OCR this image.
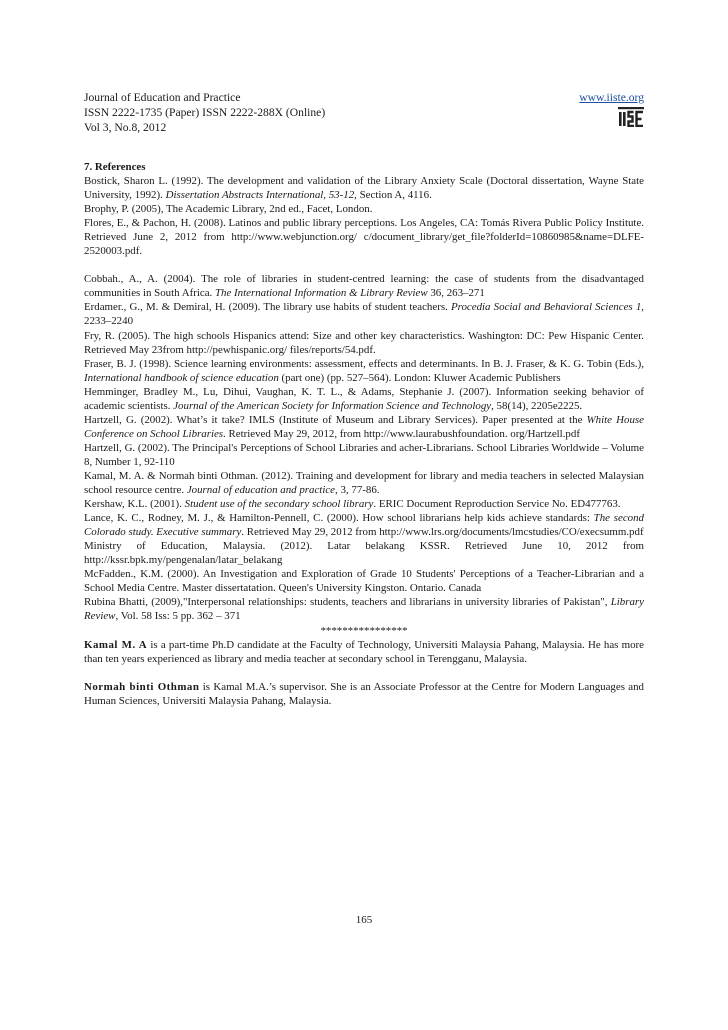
Journal of Education and Practice
ISSN 2222-1735 (Paper) ISSN 2222-288X (Online)
Vol 3, No.8, 2012
www.iiste.org

7. References

Bostick, Sharon L. (1992). The development and validation of the Library Anxiety Scale (Doctoral dissertation, Wayne State University, 1992). Dissertation Abstracts International, 53-12, Section A, 4116.

Brophy, P. (2005), The Academic Library, 2nd ed., Facet, London.

Flores, E., & Pachon, H. (2008). Latinos and public library perceptions. Los Angeles, CA: Tomás Rivera Public Policy Institute. Retrieved June 2, 2012 from http://www.webjunction.org/ c/document_library/get_file?folderId=10860985&name=DLFE-2520003.pdf.

Cobbah., A., A. (2004). The role of libraries in student-centred learning: the case of students from the disadvantaged communities in South Africa. The International Information & Library Review 36, 263–271

Erdamer., G., M. & Demiral, H. (2009). The library use habits of student teachers. Procedia Social and Behavioral Sciences 1, 2233–2240

Fry, R. (2005). The high schools Hispanics attend: Size and other key characteristics. Washington: DC: Pew Hispanic Center. Retrieved May 23from http://pewhispanic.org/ files/reports/54.pdf.

Fraser, B. J. (1998). Science learning environments: assessment, effects and determinants. In B. J. Fraser, & K. G. Tobin (Eds.), International handbook of science education (part one) (pp. 527–564). London: Kluwer Academic Publishers

Hemminger, Bradley M., Lu, Dihui, Vaughan, K. T. L., & Adams, Stephanie J. (2007). Information seeking behavior of academic scientists. Journal of the American Society for Information Science and Technology, 58(14), 2205e2225.

Hartzell, G. (2002). What’s it take? IMLS (Institute of Museum and Library Services). Paper presented at the White House Conference on School Libraries. Retrieved May 29, 2012, from http://www.laurabushfoundation. org/Hartzell.pdf

Hartzell, G. (2002). The Principal's Perceptions of School Libraries and acher-Librarians. School Libraries Worldwide – Volume 8, Number 1, 92-110

Kamal, M. A. & Normah binti Othman. (2012). Training and development for library and media teachers in selected Malaysian school resource centre. Journal of education and practice, 3, 77-86.

Kershaw, K.L. (2001). Student use of the secondary school library. ERIC Document Reproduction Service No. ED477763.

Lance, K. C., Rodney, M. J., & Hamilton-Pennell, C. (2000). How school librarians help kids achieve standards: The second Colorado study. Executive summary. Retrieved May 29, 2012 from http://www.lrs.org/documents/lmcstudies/CO/execsumm.pdf

Ministry of Education, Malaysia. (2012). Latar belakang KSSR. Retrieved June 10, 2012 from http://kssr.bpk.my/pengenalan/latar_belakang

McFadden., K.M. (2000). An Investigation and Exploration of Grade 10 Students' Perceptions of a Teacher-Librarian and a School Media Centre. Master dissertatation. Queen's University Kingston. Ontario. Canada

Rubina Bhatti, (2009),"Interpersonal relationships: students, teachers and librarians in university libraries of Pakistan", Library Review, Vol. 58 Iss: 5 pp. 362 – 371

****************

Kamal M. A is a part-time Ph.D candidate at the Faculty of Technology, Universiti Malaysia Pahang, Malaysia. He has more than ten years experienced as library and media teacher at secondary school in Terengganu, Malaysia.

Normah binti Othman is Kamal M.A.’s supervisor. She is an Associate Professor at the Centre for Modern Languages and Human Sciences, Universiti Malaysia Pahang, Malaysia.

165
